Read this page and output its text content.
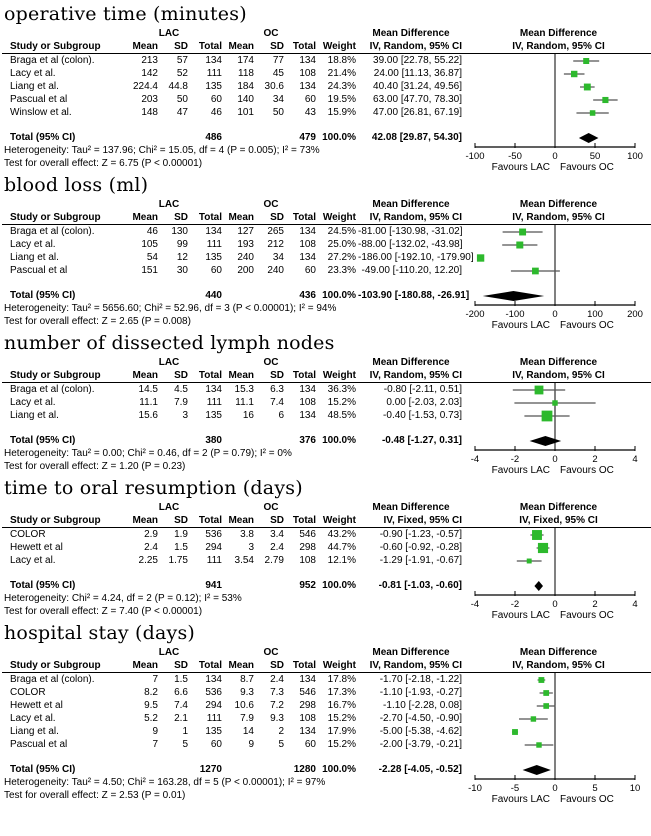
operative time (minutes)
LAC	OC	Mean Difference	Mean Difference
Study or Subgroup	Mean	SD	Total Mean	SD Total Weight	IV, Random, 95% CI	IV, Random, 95% CI
Braga et al (colon).	213	57	134	174	77	134	18.8%	39.00 [22.78, 55.22]
Lacy et al.	142	52	111	118	45	108	21.4%	24.00 [11.13, 36.87]
Liang et al.	224.4	44.8	135	184	30.6	134	24.3%	40.40 [31.24, 49.56]
Pascual et al	203	50	60	140	34	60	19.5%	63.00 [47.70, 78.30]
Winslow et al.	148	47	46	101	50	43	15.9%	47.00 [26.81, 67.19]
Total (95% CI)	486	479 100.0%	42.08 [29.87, 54.30]
Heterogeneity: Tau² = 137.96; Chi² = 15.05, df = 4 (P = 0.005); I² = 73%
Test for overall effect: Z = 6.75 (P < 0.00001)
-100 -50	0	50	100
Favours LAC Favours OC
blood loss (ml)
LAC	OC	Mean Difference	Mean Difference
Study or Subgroup	Mean	SD	Total Mean	SD Total Weight	IV, Random, 95% CI	IV, Random, 95% CI
Braga et al (colon).	46	130	134	127	265	134	24.5% -81.00 [-130.98, -31.02]
Lacy et al.	105	99	111	193	212	108	25.0% -88.00 [-132.02, -43.98]
Liang et al.	54	12	135	240	34	134	27.2% -186.00 [-192.10, -179.90]
Pascual et al	151	30	60	200	240	60	23.3% -49.00 [-110.20, 12.20]
Total (95% CI)	440	436 100.0% -103.90 [-180.88, -26.91]
Heterogeneity: Tau² = 5656.60; Chi² = 52.96, df = 3 (P < 0.00001); I² = 94%
Test for overall effect: Z = 2.65 (P = 0.008)
-200 -100	0	100	200
Favours LAC Favours OC
number of dissected lymph nodes
LAC	OC	Mean Difference	Mean Difference
Study or Subgroup	Mean	SD	Total Mean	SD Total Weight	IV, Random, 95% CI	IV, Random, 95% CI
Braga et al (colon).	14.5	4.5	134	15.3	6.3	134	36.3%	-0.80 [-2.11, 0.51]
Lacy et al.	11.1	7.9	111	11.1	7.4	108	15.2%	0.00 [-2.03, 2.03]
Liang et al.	15.6	3	135	16	6	134	48.5%	-0.40 [-1.53, 0.73]
Total (95% CI)	380	376 100.0%	-0.48 [-1.27, 0.31]
Heterogeneity: Tau² = 0.00; Chi² = 0.46, df = 2 (P = 0.79); I² = 0%
Test for overall effect: Z = 1.20 (P = 0.23)
-4	-2	0	2	4
Favours LAC Favours OC
time to oral resumption (days)
LAC	OC	Mean Difference	Mean Difference
Study or Subgroup	Mean	SD	Total Mean	SD Total Weight	IV, Fixed, 95% CI	IV, Fixed, 95% CI
COLOR	2.9	1.9	536	3.8	3.4	546	43.2%	-0.90 [-1.23, -0.57]
Hewett et al	2.4	1.5	294	3	2.4	298	44.7%	-0.60 [-0.92, -0.28]
Lacy et al.	2.25	1.75	111	3.54	2.79	108	12.1%	-1.29 [-1.91, -0.67]
Total (95% CI)	941	952 100.0%	-0.81 [-1.03, -0.60]
Heterogeneity: Chi² = 4.24, df = 2 (P = 0.12); I² = 53%
Test for overall effect: Z = 7.40 (P < 0.00001)
-4	-2	0	2	4
Favours LAC Favours OC
hospital stay (days)
LAC	OC	Mean Difference	Mean Difference
Study or Subgroup	Mean	SD	Total Mean	SD Total Weight	IV, Random, 95% CI	IV, Random, 95% CI
Braga et al (colon).	7	1.5	134	8.7	2.4	134	17.8%	-1.70 [-2.18, -1.22]
COLOR	8.2	6.6	536	9.3	7.3	546	17.3%	-1.10 [-1.93, -0.27]
Hewett et al	9.5	7.4	294	10.6	7.2	298	16.7%	-1.10 [-2.28, 0.08]
Lacy et al.	5.2	2.1	111	7.9	9.3	108	15.2%	-2.70 [-4.50, -0.90]
Liang et al.	9	1	135	14	2	134	17.9%	-5.00 [-5.38, -4.62]
Pascual et al	7	5	60	9	5	60	15.2%	-2.00 [-3.79, -0.21]
Total (95% CI)	1270	1280 100.0%	-2.28 [-4.05, -0.52]
Heterogeneity: Tau² = 4.50; Chi² = 163.28, df = 5 (P < 0.00001); I² = 97%
Test for overall effect: Z = 2.53 (P = 0.01)
-10	-5	0	5	10
Favours LAC Favours OC
